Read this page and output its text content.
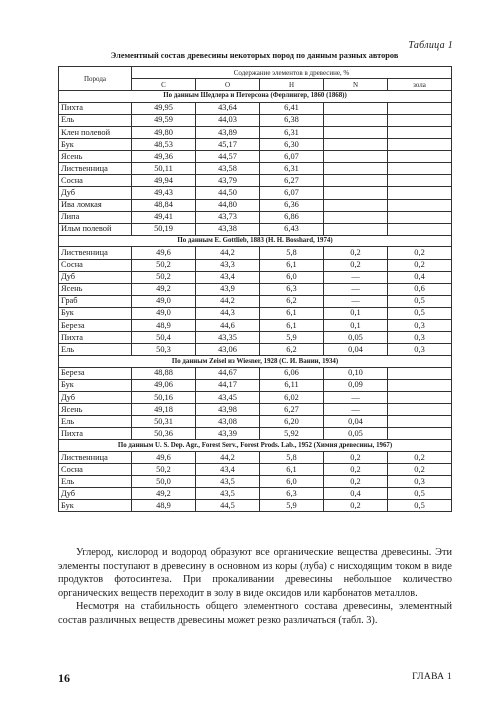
Таблица 1
Элементный состав древесины некоторых пород по данным разных авторов
Порода	Содержание элементов в древесине, %				
	C	O	H	N	зола
По данным Шедлера и Петерсона (Ферлингер, 1860 (1868))					
Пихта	49,95	43,64	6,41		
Ель	49,59	44,03	6,38		
Клен полевой	49,80	43,89	6,31		
Бук	48,53	45,17	6,30		
Ясень	49,36	44,57	6,07		
Лиственница	50,11	43,58	6,31		
Сосна	49,94	43,79	6,27		
Дуб	49,43	44,50	6,07		
Ива ломкая	48,84	44,80	6,36		
Липа	49,41	43,73	6,86		
Ильм полевой	50,19	43,38	6,43		
По данным E. Gottlieb, 1883 (Н. Н. Bosshard, 1974)					
Лиственница	49,6	44,2	5,8	0,2	0,2
Сосна	50,2	43,3	6,1	0,2	0,2
Дуб	50,2	43,4	6,0	—	0,4
Ясень	49,2	43,9	6,3	—	0,6
Граб	49,0	44,2	6,2	—	0,5
Бук	49,0	44,3	6,1	0,1	0,5
Береза	48,9	44,6	6,1	0,1	0,3
Пихта	50,4	43,35	5,9	0,05	0,3
Ель	50,3	43,06	6,2	0,04	0,3
По данным Zeisel из Wiesner, 1928 (С. И. Ванин, 1934)					
Береза	48,88	44,67	6,06	0,10	
Бук	49,06	44,17	6,11	0,09	
Дуб	50,16	43,45	6,02	—	
Ясень	49,18	43,98	6,27	—	
Ель	50,31	43,08	6,20	0,04	
Пихта	50,36	43,39	5,92	0,05	
По данным U. S. Dep. Agr., Forest Serv., Forest Prods. Lab., 1952 (Химия древесины, 1967)					
Лиственница	49,6	44,2	5,8	0,2	0,2
Сосна	50,2	43,4	6,1	0,2	0,2
Ель	50,0	43,5	6,0	0,2	0,3
Дуб	49,2	43,5	6,3	0,4	0,5
Бук	48,9	44,5	5,9	0,2	0,5

Углерод, кислород и водород образуют все органические вещества древесины. Эти элементы поступают в древесину в основном из коры (луба) с нисходящим током в виде продуктов фотосинтеза. При прокаливании древесины небольшое количество органических веществ переходит в золу в виде оксидов или карбонатов металлов.

Несмотря на стабильность общего элементного состава древесины, элементный состав различных веществ древесины может резко различаться (табл. 3).

16	ГЛАВА 1
